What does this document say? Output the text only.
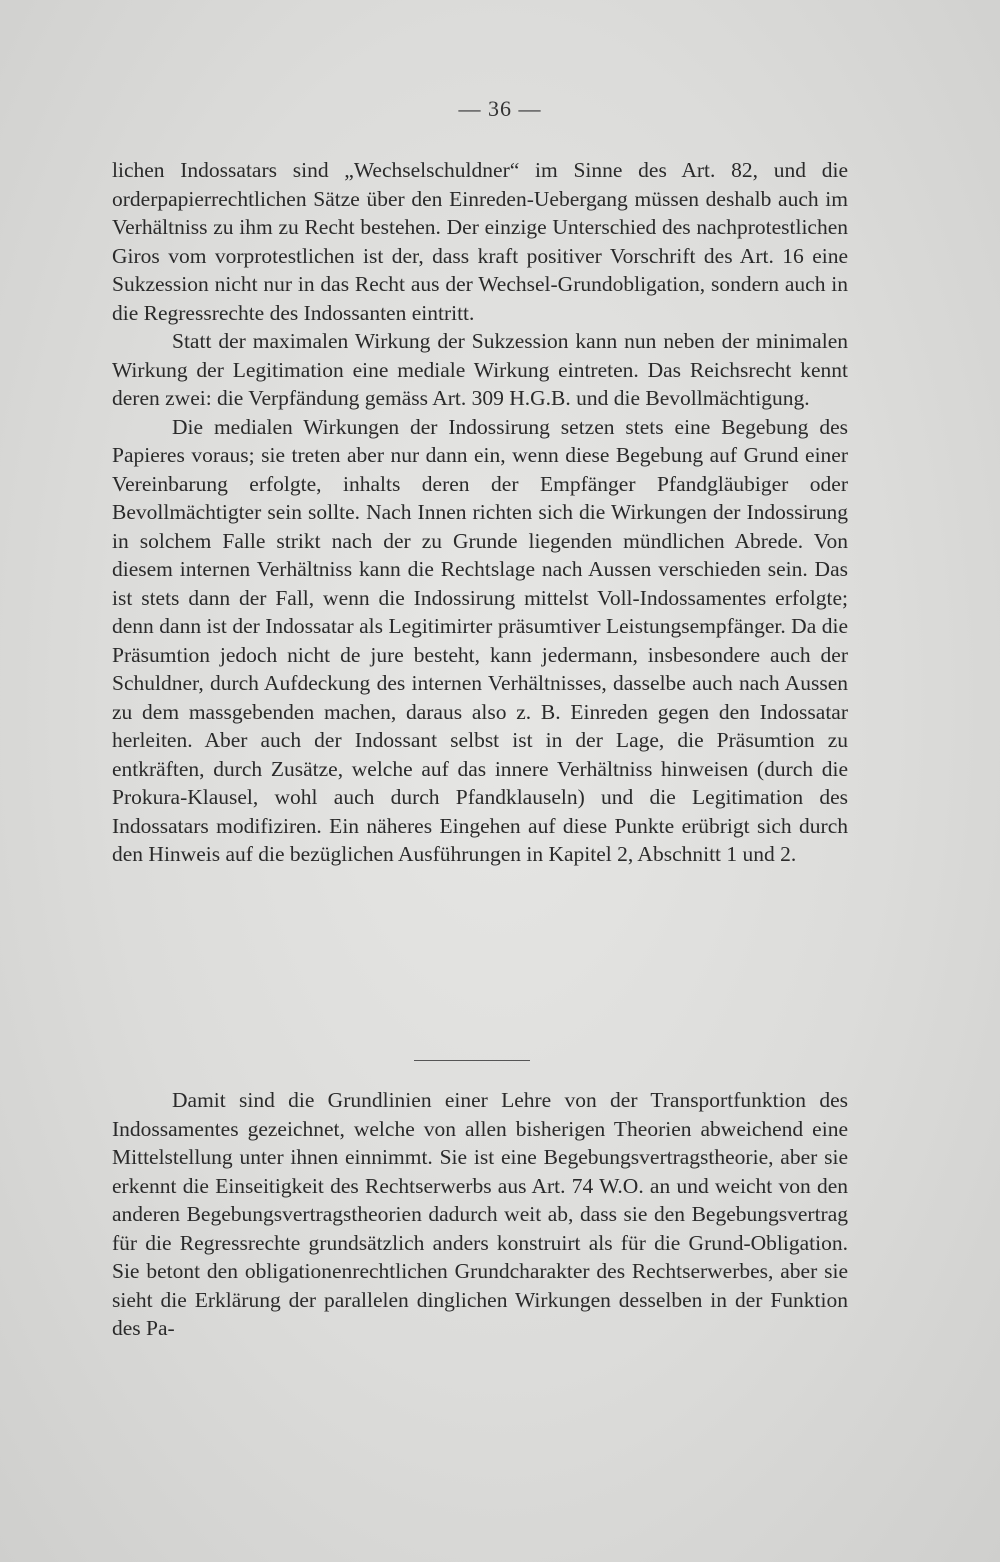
— 36 —

lichen Indossatars sind „Wechselschuldner“ im Sinne des Art. 82, und die orderpapierrechtlichen Sätze über den Einreden-Uebergang müssen deshalb auch im Verhältniss zu ihm zu Recht bestehen. Der einzige Unterschied des nachprotestlichen Giros vom vorprotestlichen ist der, dass kraft positiver Vorschrift des Art. 16 eine Sukzession nicht nur in das Recht aus der Wechsel-Grundobligation, sondern auch in die Regressrechte des Indossanten eintritt.

Statt der maximalen Wirkung der Sukzession kann nun neben der minimalen Wirkung der Legitimation eine mediale Wirkung eintreten. Das Reichsrecht kennt deren zwei: die Verpfändung gemäss Art. 309 H.G.B. und die Bevollmächtigung.

Die medialen Wirkungen der Indossirung setzen stets eine Begebung des Papieres voraus; sie treten aber nur dann ein, wenn diese Begebung auf Grund einer Vereinbarung erfolgte, inhalts deren der Empfänger Pfandgläubiger oder Bevollmächtigter sein sollte. Nach Innen richten sich die Wirkungen der Indossirung in solchem Falle strikt nach der zu Grunde liegenden mündlichen Abrede. Von diesem internen Verhältniss kann die Rechtslage nach Aussen verschieden sein. Das ist stets dann der Fall, wenn die Indossirung mittelst Voll-Indossamentes erfolgte; denn dann ist der Indossatar als Legitimirter präsumtiver Leistungsempfänger. Da die Präsumtion jedoch nicht de jure besteht, kann jedermann, insbesondere auch der Schuldner, durch Aufdeckung des internen Verhältnisses, dasselbe auch nach Aussen zu dem massgebenden machen, daraus also z. B. Einreden gegen den Indossatar herleiten. Aber auch der Indossant selbst ist in der Lage, die Präsumtion zu entkräften, durch Zusätze, welche auf das innere Verhältniss hinweisen (durch die Prokura-Klausel, wohl auch durch Pfandklauseln) und die Legitimation des Indossatars modifiziren. Ein näheres Eingehen auf diese Punkte erübrigt sich durch den Hinweis auf die bezüglichen Ausführungen in Kapitel 2, Abschnitt 1 und 2.

Damit sind die Grundlinien einer Lehre von der Transportfunktion des Indossamentes gezeichnet, welche von allen bisherigen Theorien abweichend eine Mittelstellung unter ihnen einnimmt. Sie ist eine Begebungsvertragstheorie, aber sie erkennt die Einseitigkeit des Rechtserwerbs aus Art. 74 W.O. an und weicht von den anderen Begebungsvertragstheorien dadurch weit ab, dass sie den Begebungsvertrag für die Regressrechte grundsätzlich anders konstruirt als für die Grund-Obligation. Sie betont den obligationenrechtlichen Grundcharakter des Rechtserwerbes, aber sie sieht die Erklärung der parallelen dinglichen Wirkungen desselben in der Funktion des Pa-
